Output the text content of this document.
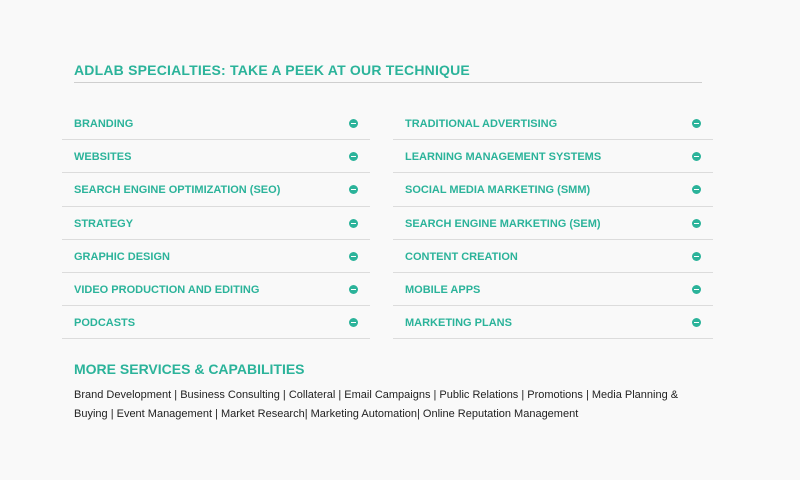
ADLAB SPECIALTIES: TAKE A PEEK AT OUR TECHNIQUE
BRANDING
WEBSITES
SEARCH ENGINE OPTIMIZATION (SEO)
STRATEGY
GRAPHIC DESIGN
VIDEO PRODUCTION AND EDITING
PODCASTS
TRADITIONAL ADVERTISING
LEARNING MANAGEMENT SYSTEMS
SOCIAL MEDIA MARKETING (SMM)
SEARCH ENGINE MARKETING (SEM)
CONTENT CREATION
MOBILE APPS
MARKETING PLANS
MORE SERVICES & CAPABILITIES

Brand Development | Business Consulting | Collateral | Email Campaigns | Public Relations | Promotions | Media Planning & Buying | Event Management | Market Research| Marketing Automation| Online Reputation Management
